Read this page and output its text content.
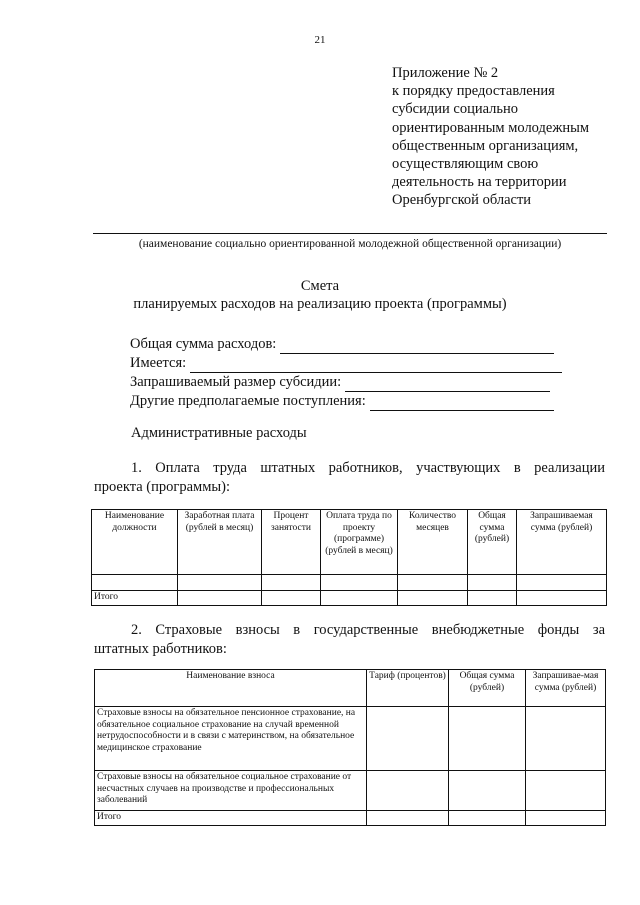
21
Приложение № 2
к порядку предоставления
субсидии социально
ориентированным молодежным
общественным организациям,
осуществляющим свою
деятельность на территории
Оренбургской области
(наименование социально ориентированной молодежной общественной организации)
Смета
планируемых расходов на реализацию проекта (программы)
Общая сумма расходов:
Имеется:
Запрашиваемый размер субсидии:
Другие предполагаемые поступления:
Административные расходы
1. Оплата труда штатных работников, участвующих в реализации
проекта (программы):
Наименование должности	Заработная плата (рублей в месяц)	Процент занятости	Оплата труда по проекту (программе) (рублей в месяц)	Количество месяцев	Общая сумма (рублей)	Запрашиваемая сумма (рублей)

Итого						
2. Страховые взносы в государственные внебюджетные фонды за
штатных работников:
Наименование взноса	Тариф (процентов)	Общая сумма (рублей)	Запрашивае-мая сумма (рублей)
Страховые взносы на обязательное пенсионное страхование, на обязательное социальное страхование на случай временной нетрудоспособности и в связи с материнством, на обязательное медицинское страхование			
Страховые взносы на обязательное социальное страхование от несчастных случаев на производстве и профессиональных заболеваний			
Итого			
